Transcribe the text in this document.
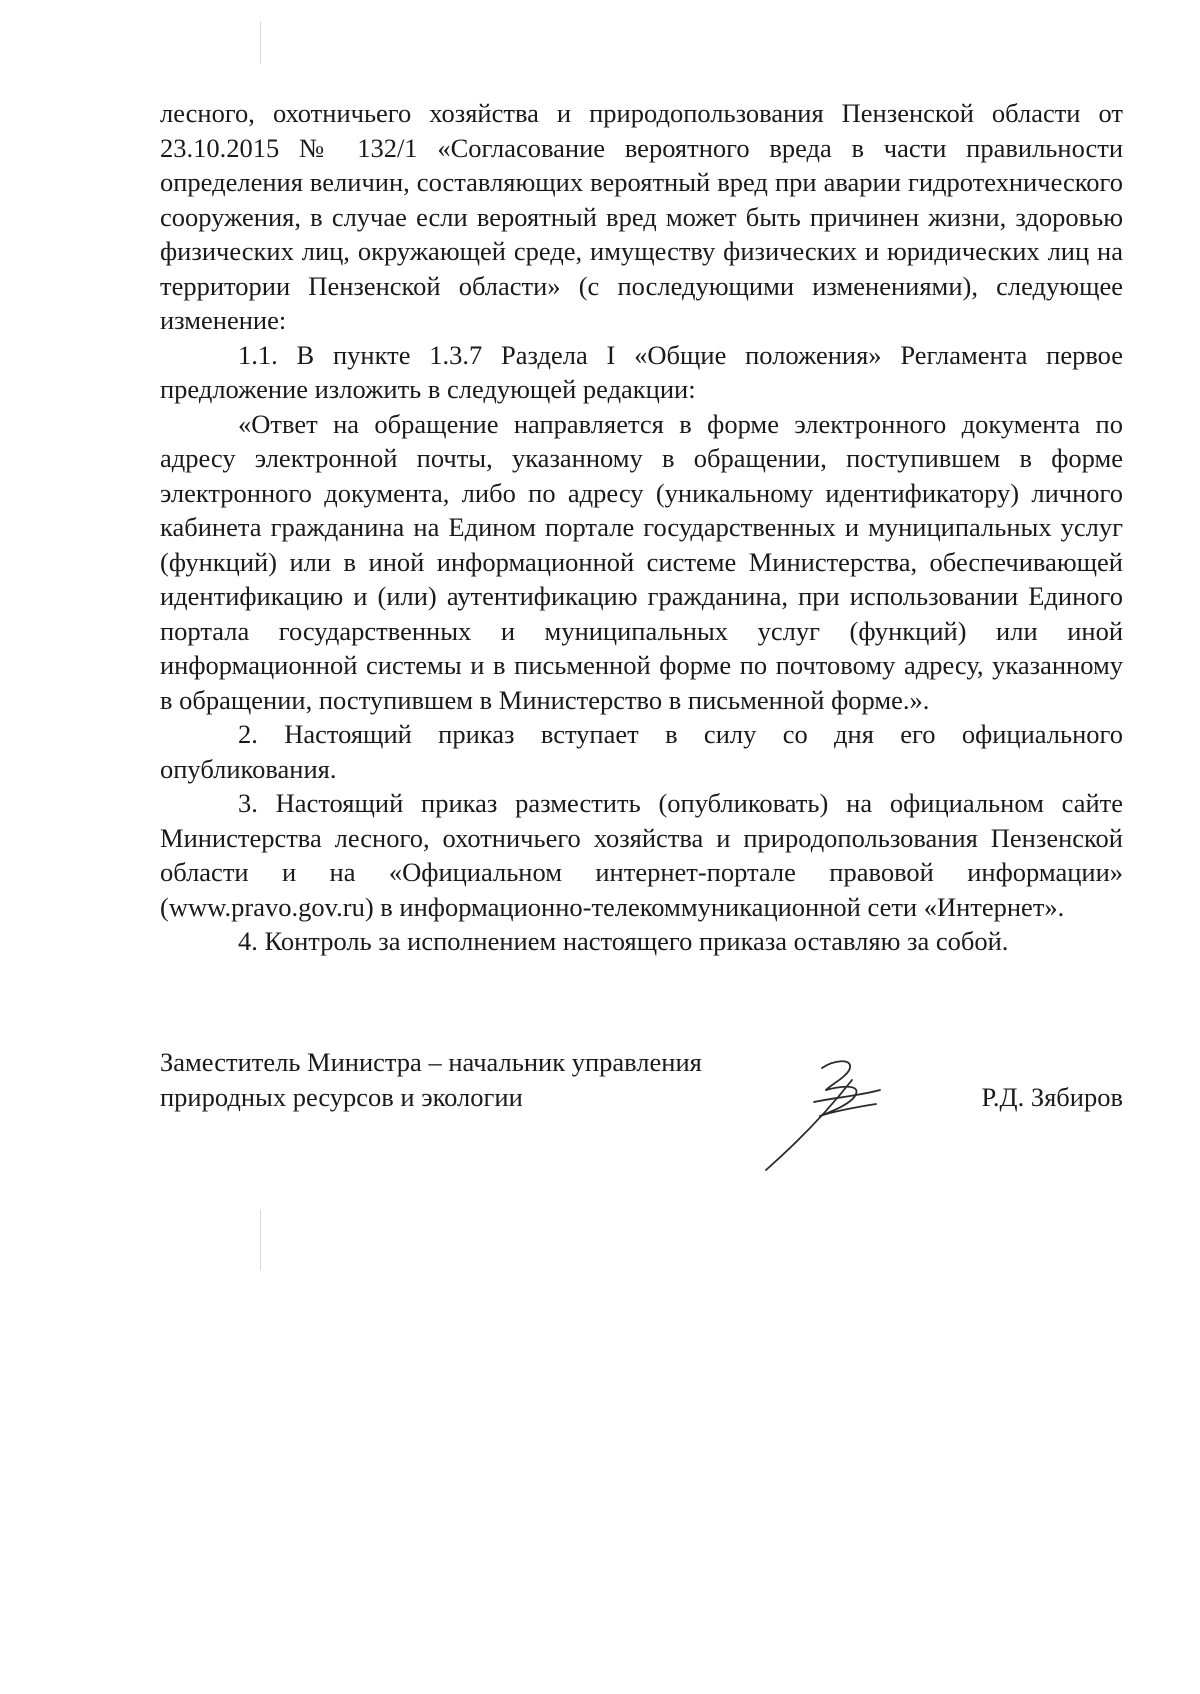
лесного, охотничьего хозяйства и природопользования Пензенской области от 23.10.2015 № 132/1 «Согласование вероятного вреда в части правильности определения величин, составляющих вероятный вред при аварии гидротехнического сооружения, в случае если вероятный вред может быть причинен жизни, здоровью физических лиц, окружающей среде, имуществу физических и юридических лиц на территории Пензенской области» (с последующими изменениями), следующее изменение:

1.1. В пункте 1.3.7 Раздела I «Общие положения» Регламента первое предложение изложить в следующей редакции:

«Ответ на обращение направляется в форме электронного документа по адресу электронной почты, указанному в обращении, поступившем в форме электронного документа, либо по адресу (уникальному идентификатору) личного кабинета гражданина на Едином портале государственных и муниципальных услуг (функций) или в иной информационной системе Министерства, обеспечивающей идентификацию и (или) аутентификацию гражданина, при использовании Единого портала государственных и муниципальных услуг (функций) или иной информационной системы и в письменной форме по почтовому адресу, указанному в обращении, поступившем в Министерство в письменной форме.».

2. Настоящий приказ вступает в силу со дня его официального опубликования.

3. Настоящий приказ разместить (опубликовать) на официальном сайте Министерства лесного, охотничьего хозяйства и природопользования Пензенской области и на «Официальном интернет-портале правовой информации» (www.pravo.gov.ru) в информационно-телекоммуникационной сети «Интернет».

4. Контроль за исполнением настоящего приказа оставляю за собой.

Заместитель Министра – начальник управления
природных ресурсов и экологии	Р.Д. Зябиров
